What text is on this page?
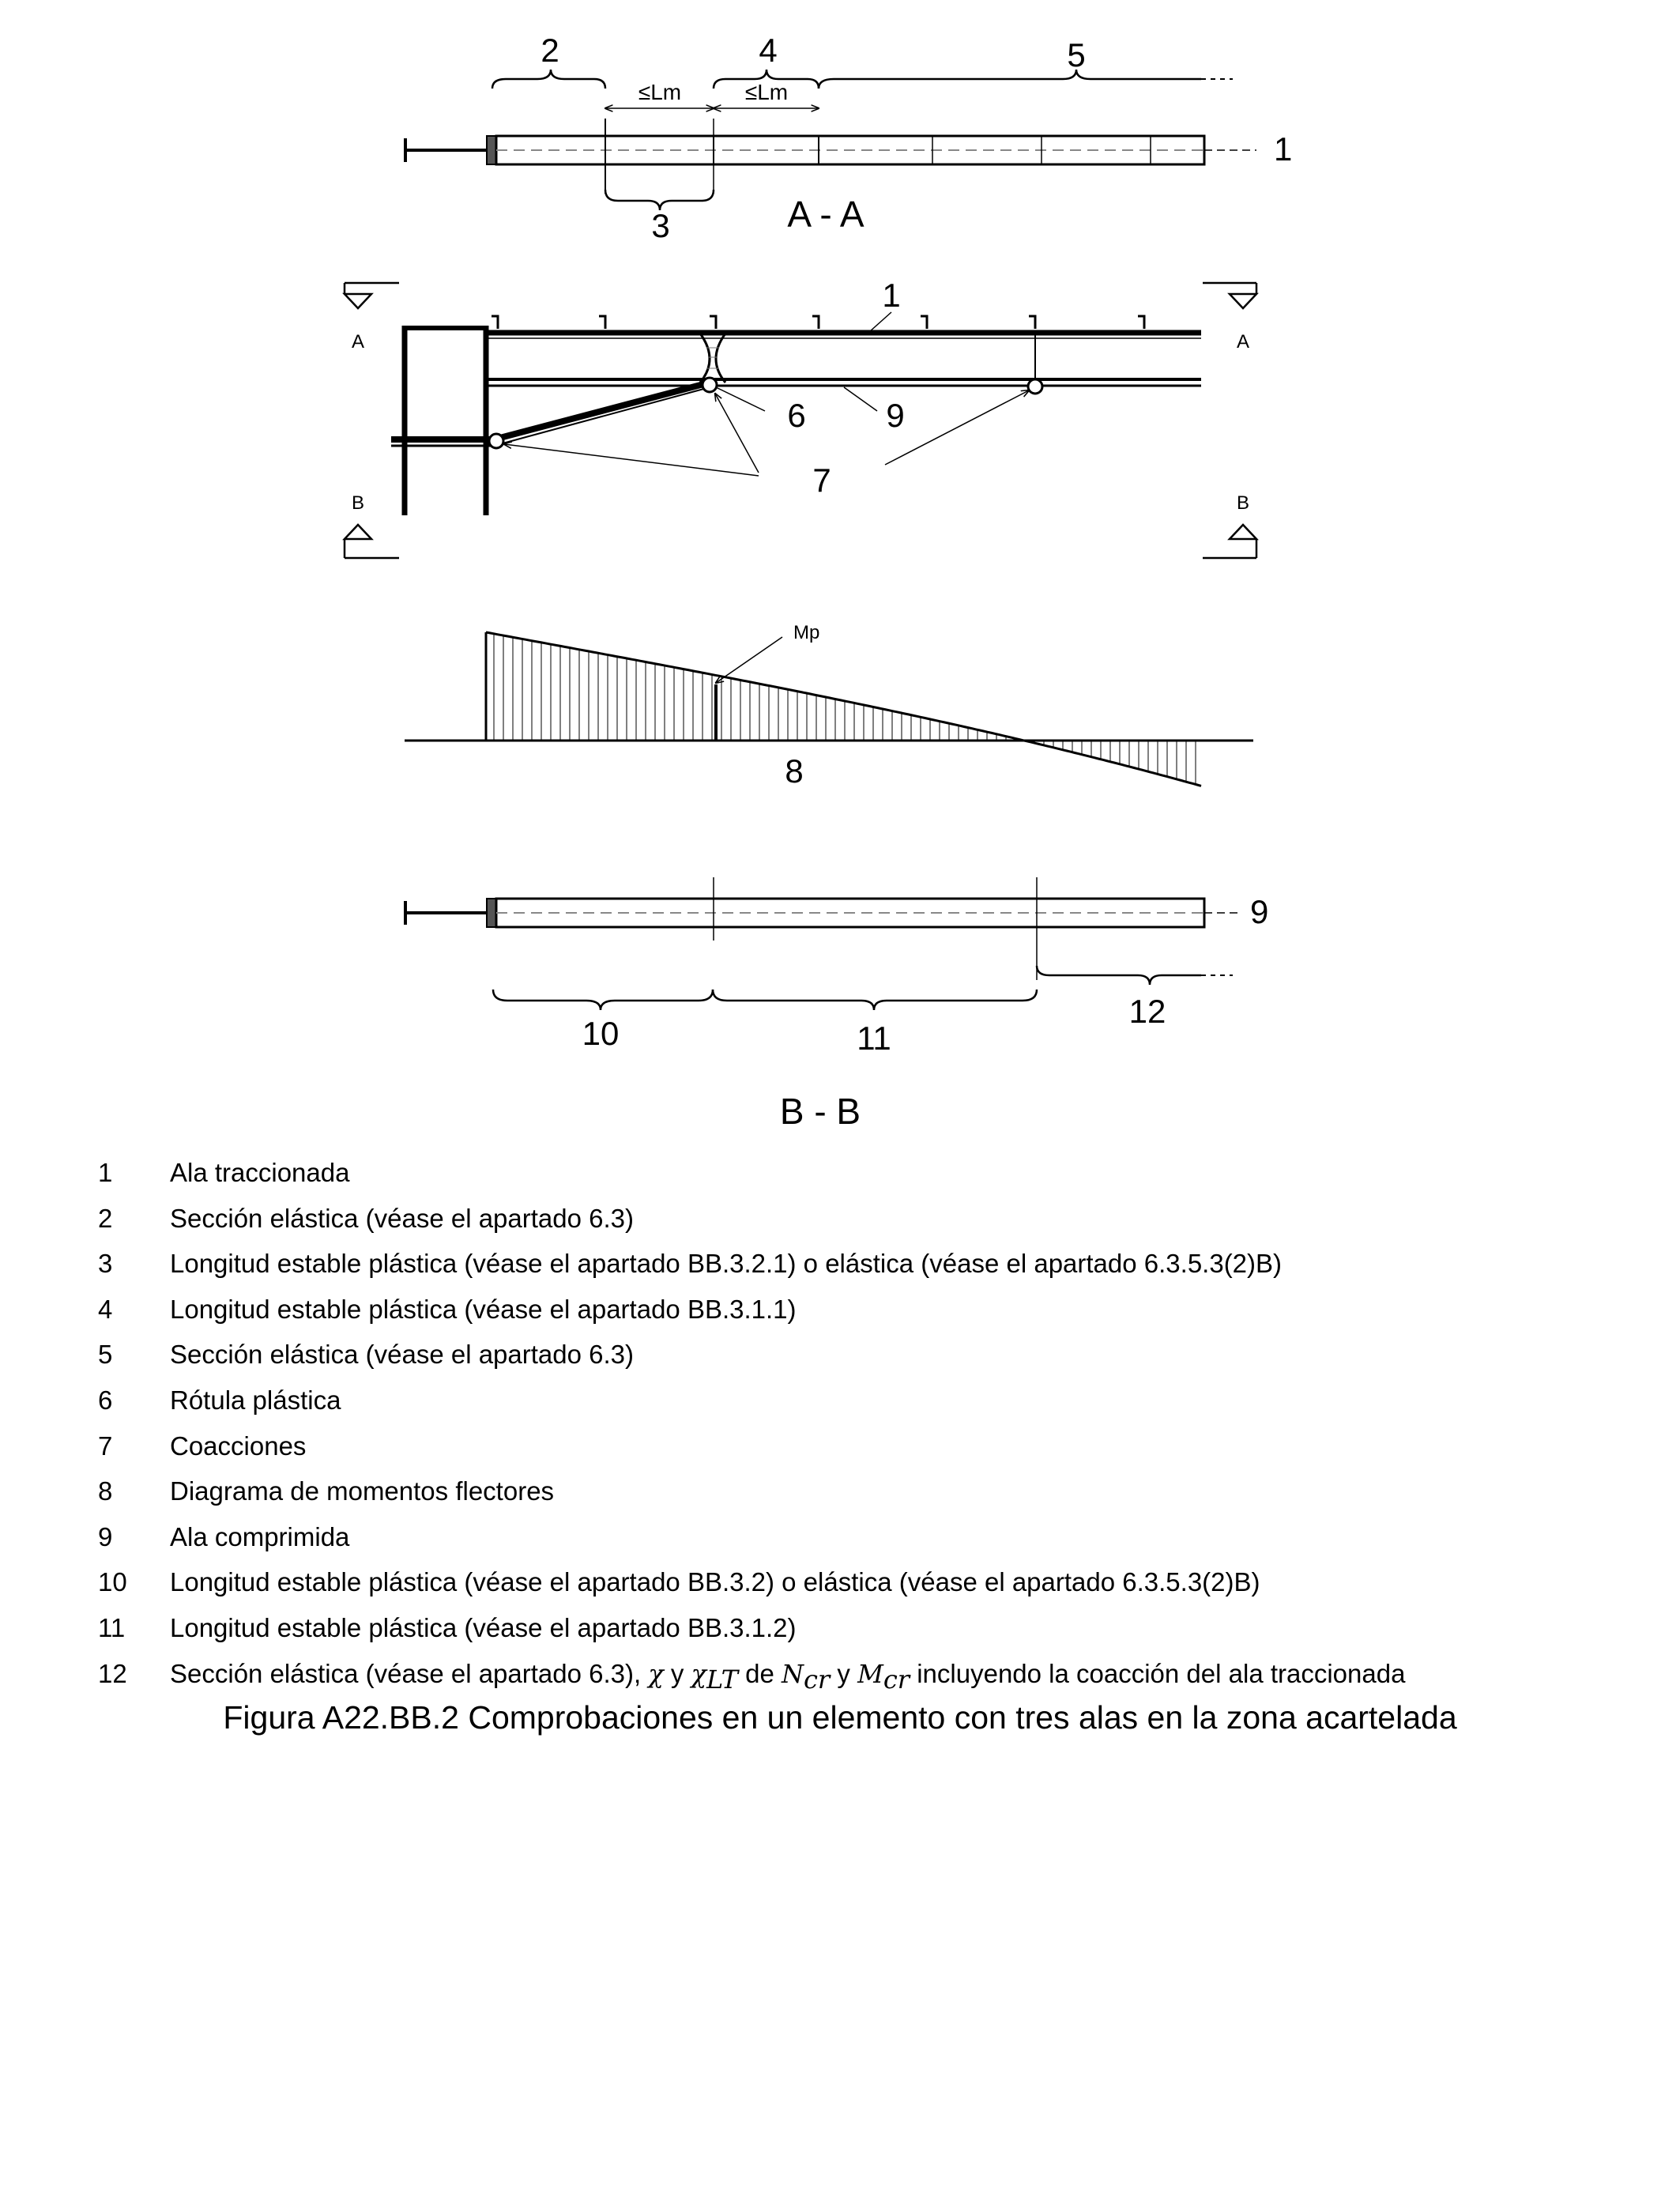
2	4	5
≤Lm	≤Lm
1
3	A - A
A	A
1
6 9
7
B	B
Mp
8
9
12
10	11
B - B
1	Ala traccionada
2	Sección elástica (véase el apartado 6.3)
3	Longitud estable plástica (véase el apartado BB.3.2.1) o elástica (véase el apartado 6.3.5.3(2)B)
4	Longitud estable plástica (véase el apartado BB.3.1.1)
5	Sección elástica (véase el apartado 6.3)
6	Rótula plástica
7	Coacciones
8	Diagrama de momentos flectores
9	Ala comprimida
10	Longitud estable plástica (véase el apartado BB.3.2) o elástica (véase el apartado 6.3.5.3(2)B)
11	Longitud estable plástica (véase el apartado BB.3.1.2)
12	Sección elástica (véase el apartado 6.3), χ y $\chi_{LT}$ de $N_{cr}$ y $M_{cr}$ incluyendo la coacción del ala traccionada
Figura A22.BB.2 Comprobaciones en un elemento con tres alas en la zona acartelada
